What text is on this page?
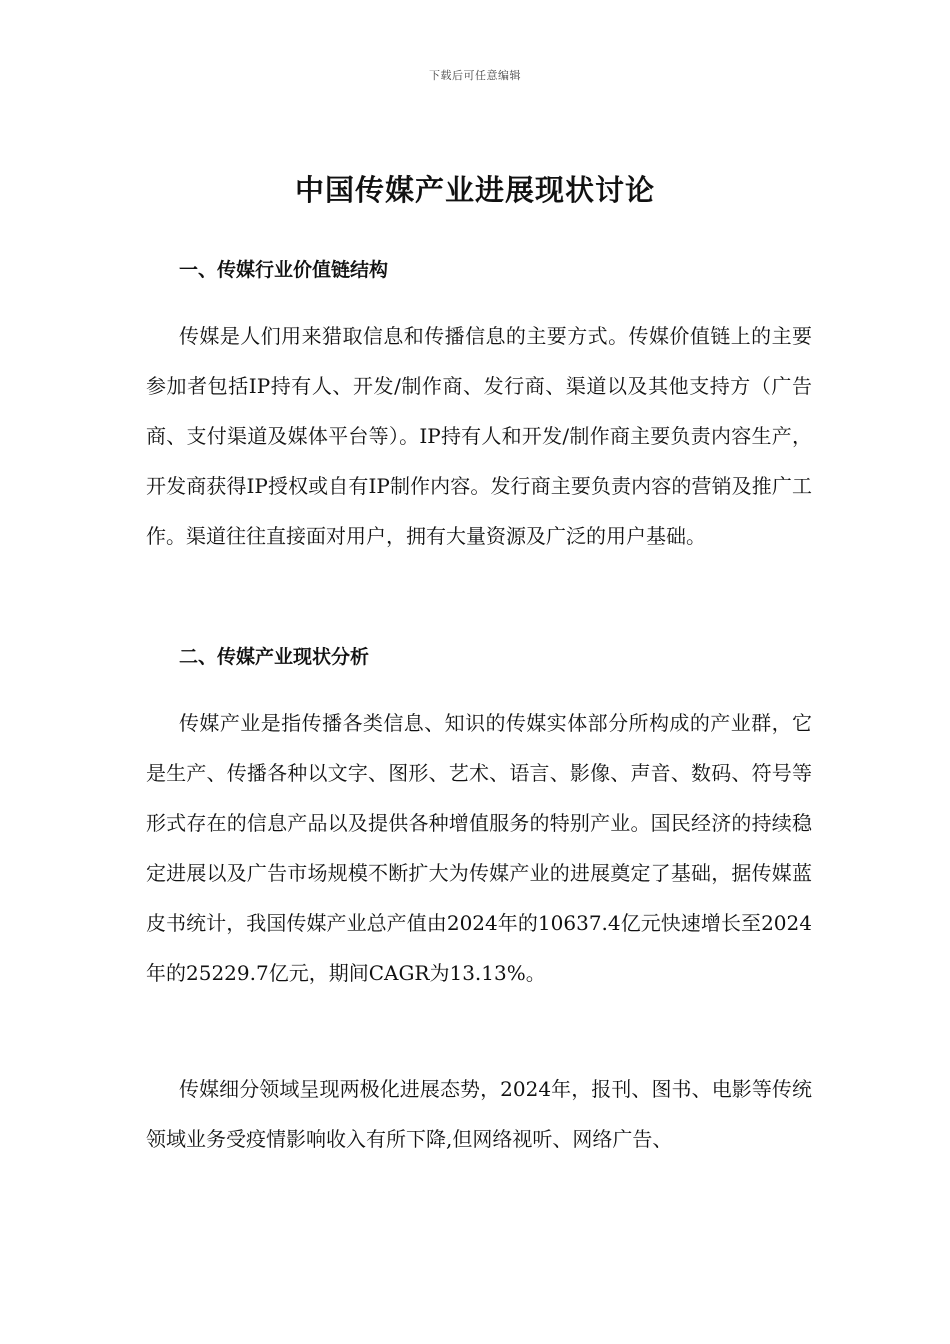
下载后可任意编辑
中国传媒产业进展现状讨论
一、传媒行业价值链结构

传媒是人们用来猎取信息和传播信息的主要方式。传媒价值链上的主要参加者包括IP持有人、开发/制作商、发行商、渠道以及其他支持方（广告商、支付渠道及媒体平台等）。IP持有人和开发/制作商主要负责内容生产，开发商获得IP授权或自有IP制作内容。发行商主要负责内容的营销及推广工作。渠道往往直接面对用户，拥有大量资源及广泛的用户基础。

二、传媒产业现状分析

传媒产业是指传播各类信息、知识的传媒实体部分所构成的产业群，它是生产、传播各种以文字、图形、艺术、语言、影像、声音、数码、符号等形式存在的信息产品以及提供各种增值服务的特别产业。国民经济的持续稳定进展以及广告市场规模不断扩大为传媒产业的进展奠定了基础，据传媒蓝皮书统计，我国传媒产业总产值由2024年的10637.4亿元快速增长至2024年的25229.7亿元，期间CAGR为13.13%。

传媒细分领域呈现两极化进展态势，2024年，报刊、图书、电影等传统领域业务受疫情影响收入有所下降,但网络视听、网络广告、
